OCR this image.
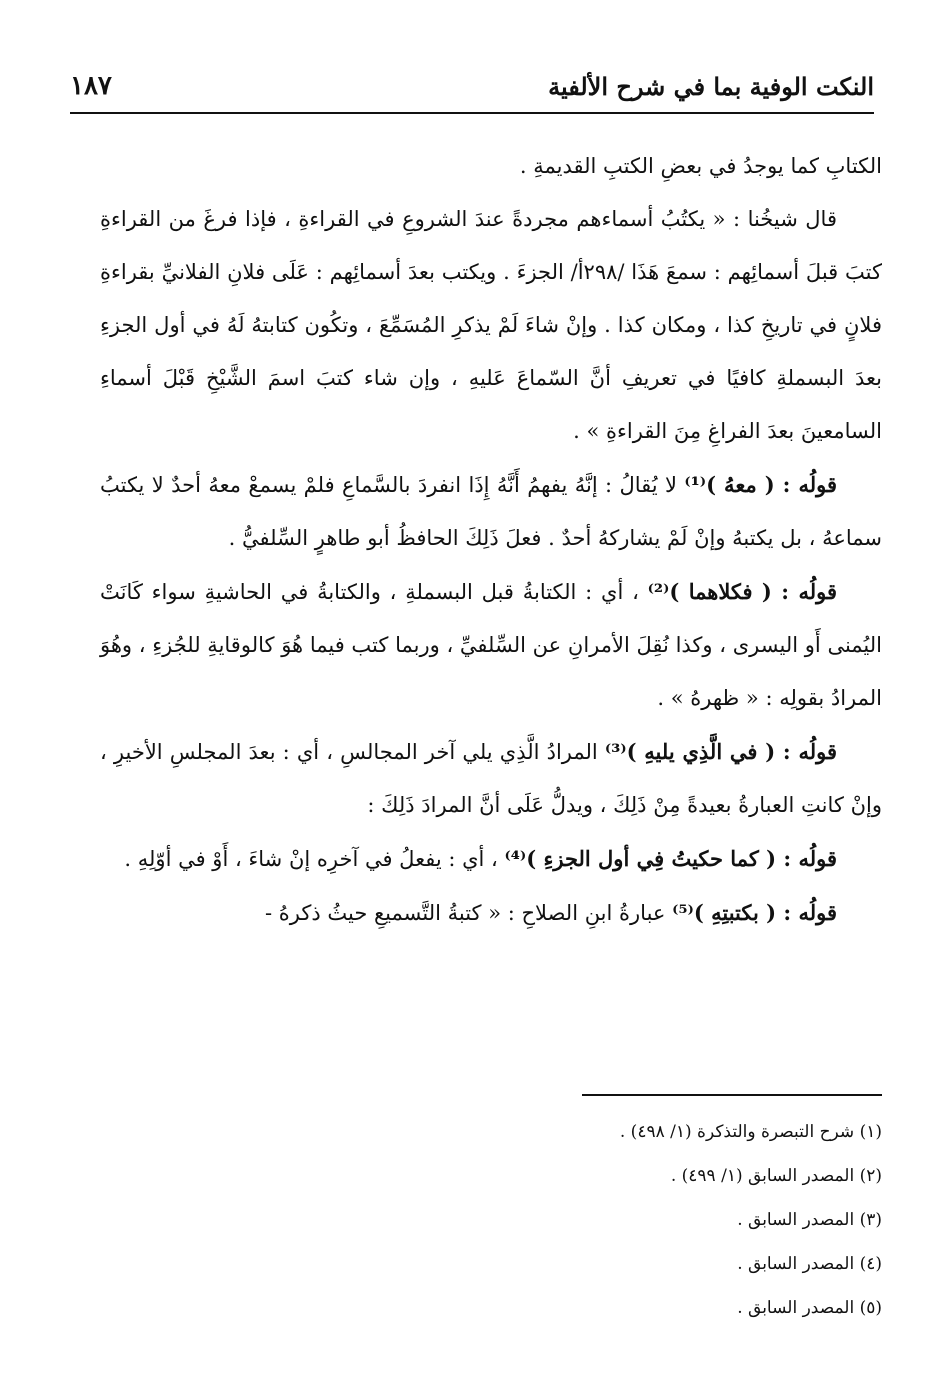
النكت الوفية بما في شرح الألفية
١٨٧

الكتابِ كما يوجدُ في بعضِ الكتبِ القديمةِ .

قال شيخُنا : « يكتُبُ أسماءهم مجردةً عندَ الشروعِ في القراءةِ ، فإذا فرغَ من القراءةِ كتبَ قبلَ أسمائِهم : سمعَ هَذَا /٢٩٨أ/ الجزءَ . ويكتب بعدَ أسمائِهم : عَلَى فلانِ الفلانيِّ بقراءةِ فلانٍ في تاريخِ كذا ، ومكان كذا . وإنْ شاءَ لَمْ يذكرِ المُسَمِّعَ ، وتكُون كتابتهُ لَهُ في أول الجزءِ بعدَ البسملةِ كافيًا في تعريفِ أنَّ السّماعَ عَليهِ ، وإن شاء كتبَ اسمَ الشَّيْخِ قَبْلَ أسماءِ السامعينَ بعدَ الفراغِ مِنَ القراءةِ » .

قولُه : ( معهُ )⁽¹⁾ لا يُقالُ : إنَّهُ يفهمُ أَنَّهُ إِذَا انفردَ بالسَّماعِ فلمْ يسمعْ معهُ أحدٌ لا يكتبُ سماعهُ ، بل يكتبهُ وإنْ لَمْ يشاركهُ أحدٌ . فعلَ ذَلِكَ الحافظُ أبو طاهرٍ السِّلفيُّ .

قولُه : ( فكلاهما )⁽²⁾ ، أي : الكتابةُ قبل البسملةِ ، والكتابةُ في الحاشيةِ سواء كَانَتْ اليُمنى أَو اليسرى ، وكذا نُقِلَ الأمرانِ عن السِّلفيِّ ، وربما كتب فيما هُوَ كالوقايةِ للجُزءِ ، وهُوَ المرادُ بقولِه : « ظهرهُ » .

قولُه : ( في الَّذِي يليهِ )⁽³⁾ المرادُ الَّذِي يلي آخر المجالسِ ، أي : بعدَ المجلسِ الأخيرِ ، وإنْ كانتِ العبارةُ بعيدةً مِنْ ذَلِكَ ، ويدلُّ عَلَى أنَّ المرادَ ذَلِكَ :

قولُه : ( كما حكيتُ فِي أول الجزءِ )⁽⁴⁾ ، أي : يفعلُ في آخرِه إنْ شاءَ ، أَوْ في أوّلِهِ .

قولُه : ( بكتبتِهِ )⁽⁵⁾ عبارةُ ابنِ الصلاحِ : « كتبةُ التَّسميعِ حيثُ ذكرهُ -

(١) شرح التبصرة والتذكرة (١/ ٤٩٨) .
(٢) المصدر السابق (١/ ٤٩٩) .
(٣) المصدر السابق .
(٤) المصدر السابق .
(٥) المصدر السابق .
